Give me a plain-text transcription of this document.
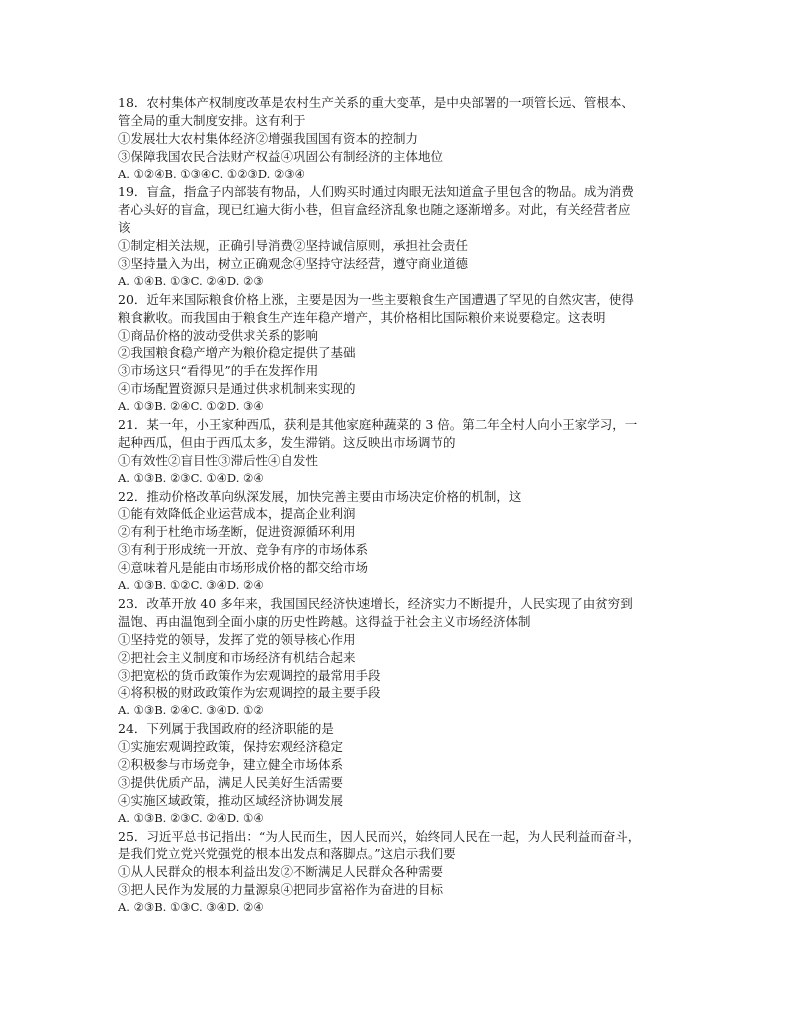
18．农村集体产权制度改革是农村生产关系的重大变革，是中央部署的一项管长远、管根本、
管全局的重大制度安排。这有利于
①发展壮大农村集体经济②增强我国国有资本的控制力
③保障我国农民合法财产权益④巩固公有制经济的主体地位
A. ①②④B. ①③④C. ①②③D. ②③④
19．盲盒，指盒子内部装有物品，人们购买时通过肉眼无法知道盒子里包含的物品。成为消费
者心头好的盲盒，现已红遍大街小巷，但盲盒经济乱象也随之逐渐增多。对此，有关经营者应
该
①制定相关法规，正确引导消费②坚持诚信原则，承担社会责任
③坚持量入为出，树立正确观念④坚持守法经营，遵守商业道德
A. ①④B. ①③C. ②④D. ②③
20．近年来国际粮食价格上涨，主要是因为一些主要粮食生产国遭遇了罕见的自然灾害，使得
粮食歉收。而我国由于粮食生产连年稳产增产，其价格相比国际粮价来说要稳定。这表明
①商品价格的波动受供求关系的影响
②我国粮食稳产增产为粮价稳定提供了基础
③市场这只“看得见”的手在发挥作用
④市场配置资源只是通过供求机制来实现的
A. ①③B. ②④C. ①②D. ③④
21．某一年，小王家种西瓜，获利是其他家庭种蔬菜的 3 倍。第二年全村人向小王家学习，一
起种西瓜，但由于西瓜太多，发生滞销。这反映出市场调节的
①有效性②盲目性③滞后性④自发性
A. ①③B. ②③C. ①④D. ②④
22．推动价格改革向纵深发展，加快完善主要由市场决定价格的机制，这
①能有效降低企业运营成本，提高企业利润
②有利于杜绝市场垄断，促进资源循环利用
③有利于形成统一开放、竞争有序的市场体系
④意味着凡是能由市场形成价格的都交给市场
A. ①③B. ①②C. ③④D. ②④
23．改革开放 40 多年来，我国国民经济快速增长，经济实力不断提升，人民实现了由贫穷到
温饱、再由温饱到全面小康的历史性跨越。这得益于社会主义市场经济体制
①坚持党的领导，发挥了党的领导核心作用
②把社会主义制度和市场经济有机结合起来
③把宽松的货币政策作为宏观调控的最常用手段
④将积极的财政政策作为宏观调控的最主要手段
A. ①③B. ②④C. ③④D. ①②
24．下列属于我国政府的经济职能的是
①实施宏观调控政策，保持宏观经济稳定
②积极参与市场竞争，建立健全市场体系
③提供优质产品，满足人民美好生活需要
④实施区域政策，推动区域经济协调发展
A. ①③B. ②③C. ②④D. ①④
25．习近平总书记指出：“为人民而生，因人民而兴，始终同人民在一起，为人民利益而奋斗，
是我们党立党兴党强党的根本出发点和落脚点。”这启示我们要
①从人民群众的根本利益出发②不断满足人民群众各种需要
③把人民作为发展的力量源泉④把同步富裕作为奋进的目标
A. ②③B. ①③C. ③④D. ②④
